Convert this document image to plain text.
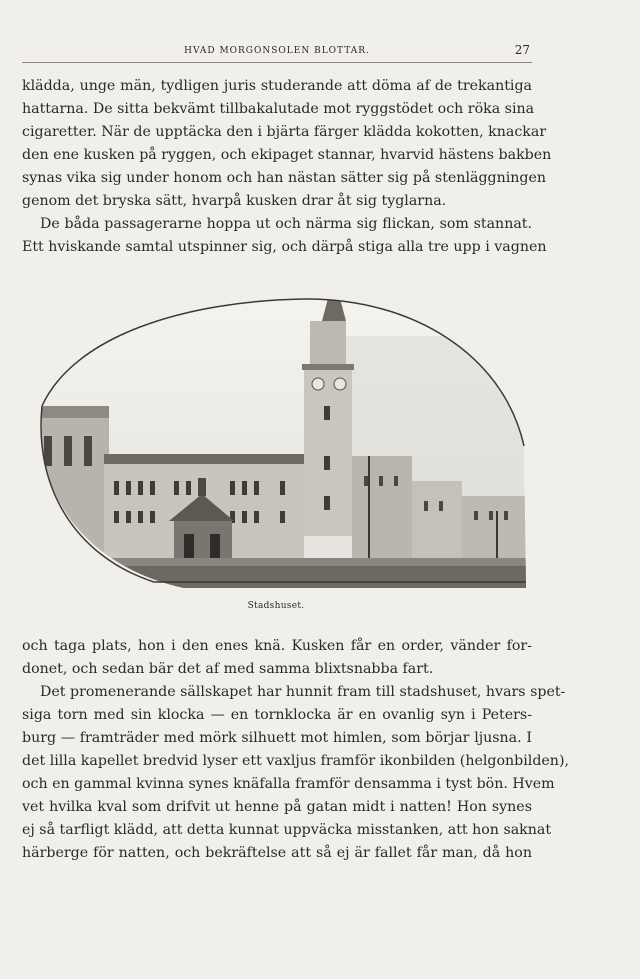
HVAD MORGONSOLEN BLOTTAR.	27
klädda, unge män, tydligen juris studerande att döma af de trekantiga
hattarna. De sitta bekvämt tillbakalutade mot ryggstödet och röka sina
cigaretter. När de upptäcka den i bjärta färger klädda kokotten, knackar
den ene kusken på ryggen, och ekipaget stannar, hvarvid hästens bakben
synas vika sig under honom och han nästan sätter sig på stenläggningen
genom det bryska sätt, hvarpå kusken drar åt sig tyglarna.
De båda passagerarne hoppa ut och närma sig flickan, som stannat.
Ett hviskande samtal utspinner sig, och därpå stiga alla tre upp i vagnen
Stadshuset.
och taga plats, hon i den enes knä. Kusken får en order, vänder for-
donet, och sedan bär det af med samma blixtsnabba fart.
Det promenerande sällskapet har hunnit fram till stadshuset, hvars spet-
siga torn med sin klocka — en tornklocka är en ovanlig syn i Peters-
burg — framträder med mörk silhuett mot himlen, som börjar ljusna. I
det lilla kapellet bredvid lyser ett vaxljus framför ikonbilden (helgonbilden),
och en gammal kvinna synes knäfalla framför densamma i tyst bön. Hvem
vet hvilka kval som drifvit ut henne på gatan midt i natten! Hon synes
ej så tarfligt klädd, att detta kunnat uppväcka misstanken, att hon saknat
härberge för natten, och bekräftelse att så ej är fallet får man, då hon
